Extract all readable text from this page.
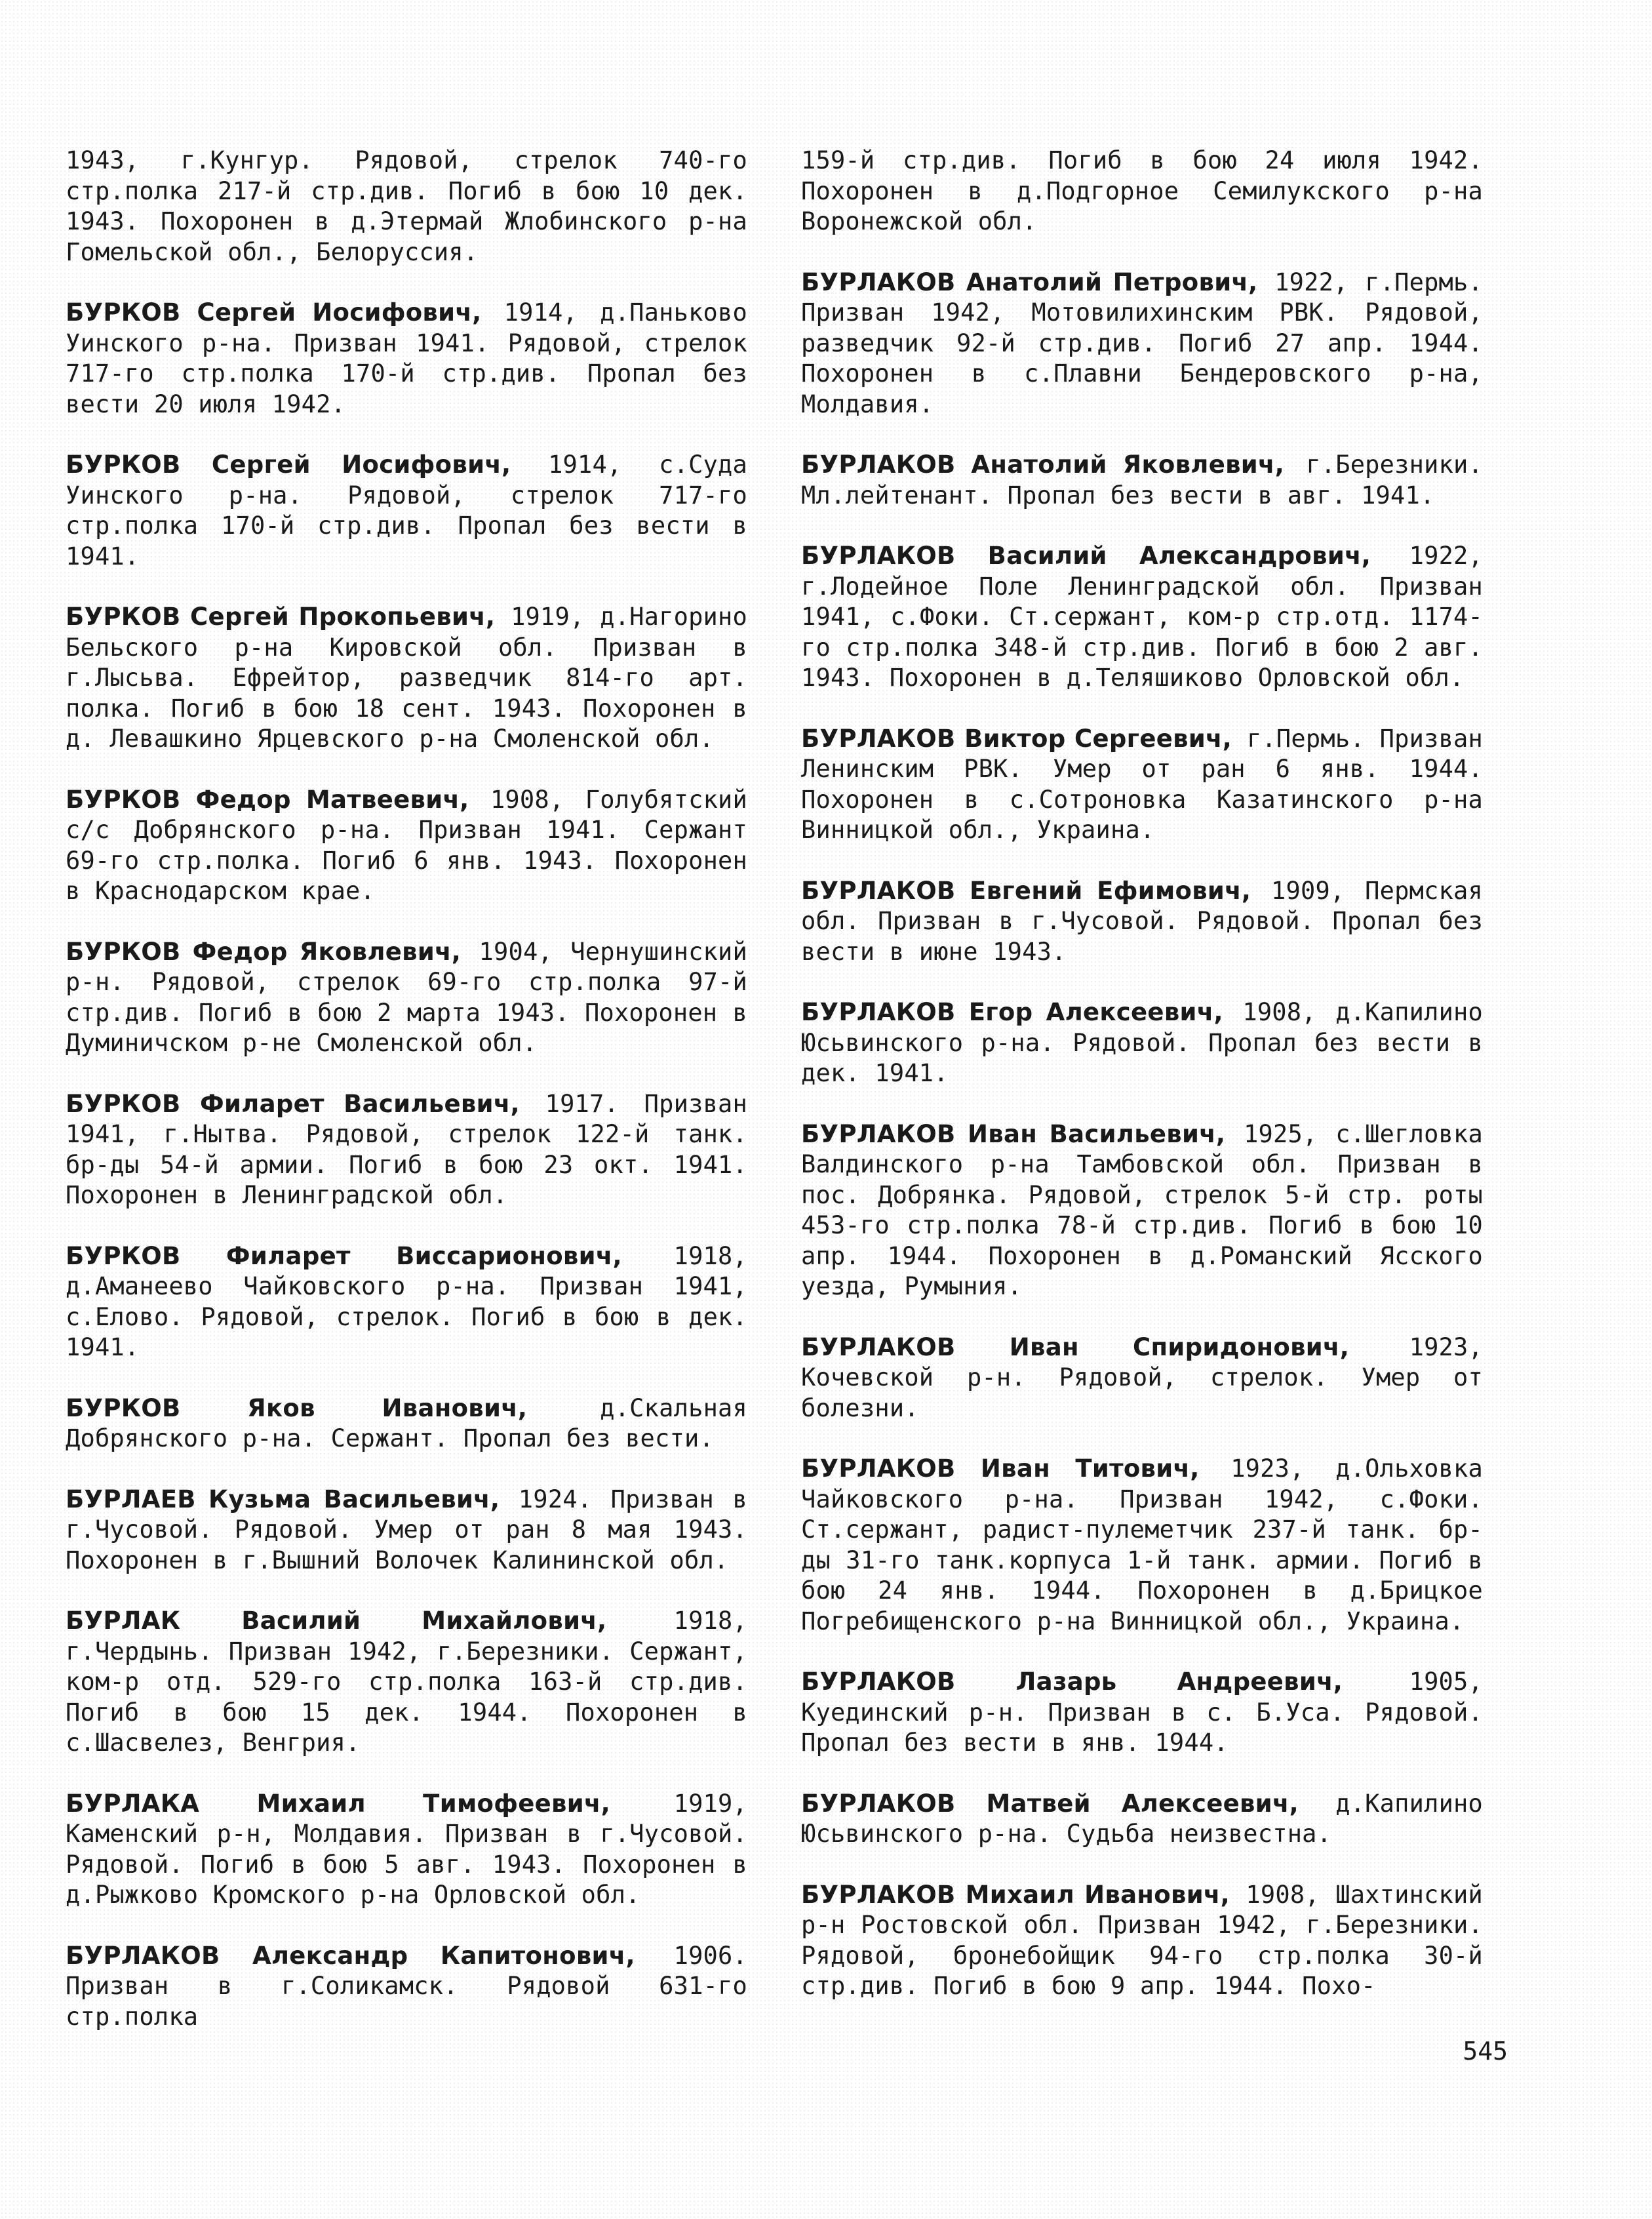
1943, г.Кунгур. Рядовой, стрелок 740-го стр.полка 217-й стр.див. Погиб в бою 10 дек. 1943. Похоронен в д.Этермай Жлобинского р-на Гомельской обл., Белоруссия.

БУРКОВ Сергей Иосифович, 1914, д.Паньково Уинского р-на. Призван 1941. Рядовой, стрелок 717-го стр.полка 170-й стр.див. Пропал без вести 20 июля 1942.

БУРКОВ Сергей Иосифович, 1914, с.Суда Уинского р-на. Рядовой, стрелок 717-го стр.полка 170-й стр.див. Пропал без вести в 1941.

БУРКОВ Сергей Прокопьевич, 1919, д.Нагорино Бельского р-на Кировской обл. Призван в г.Лысьва. Ефрейтор, разведчик 814-го арт. полка. Погиб в бою 18 сент. 1943. Похоронен в д. Левашкино Ярцевского р-на Смоленской обл.

БУРКОВ Федор Матвеевич, 1908, Голубятский с/с Добрянского р-на. Призван 1941. Сержант 69-го стр.полка. Погиб 6 янв. 1943. Похоронен в Краснодарском крае.

БУРКОВ Федор Яковлевич, 1904, Чернушинский р-н. Рядовой, стрелок 69-го стр.полка 97-й стр.див. Погиб в бою 2 марта 1943. Похоронен в Думиничском р-не Смоленской обл.

БУРКОВ Филарет Васильевич, 1917. Призван 1941, г.Нытва. Рядовой, стрелок 122-й танк. бр-ды 54-й армии. Погиб в бою 23 окт. 1941. Похоронен в Ленинградской обл.

БУРКОВ Филарет Виссарионович, 1918, д.Аманеево Чайковского р-на. Призван 1941, с.Елово. Рядовой, стрелок. Погиб в бою в дек. 1941.

БУРКОВ Яков Иванович,	д.Скальная Добрянского р-на. Сержант. Пропал без вести.

БУРЛАЕВ Кузьма Васильевич, 1924. Призван в г.Чусовой. Рядовой. Умер от ран 8 мая 1943. Похоронен в г.Вышний Волочек Калининской обл.

БУРЛАК Василий Михайлович,	1918, г.Чердынь. Призван 1942, г.Березники. Сержант, ком-р отд. 529-го стр.полка 163-й стр.див. Погиб в бою 15 дек. 1944. Похоронен в с.Шасвелез, Венгрия.

БУРЛАКА Михаил Тимофеевич,	1919, Каменский р-н, Молдавия. Призван в г.Чусовой. Рядовой. Погиб в бою 5 авг. 1943. Похоронен в д.Рыжково Кромского р-на Орловской обл.

БУРЛАКОВ Александр Капитонович, 1906. Призван в г.Соликамск. Рядовой 631-го стр.полка

159-й стр.див. Погиб в бою 24 июля 1942. Похоронен в д.Подгорное Семилукского р-на Воронежской обл.

БУРЛАКОВ Анатолий Петрович, 1922, г.Пермь. Призван 1942, Мотовилихинским РВК. Рядовой, разведчик 92-й стр.див. Погиб 27 апр. 1944. Похоронен в с.Плавни Бендеровского р-на, Молдавия.

БУРЛАКОВ Анатолий Яковлевич, г.Березники. Мл.лейтенант. Пропал без вести в авг. 1941.

БУРЛАКОВ Василий Александрович, 1922, г.Лодейное Поле Ленинградской обл. Призван 1941, с.Фоки. Ст.сержант, ком-р стр.отд. 1174-го стр.полка 348-й стр.див. Погиб в бою 2 авг. 1943. Похоронен в д.Теляшиково Орловской обл.

БУРЛАКОВ Виктор Сергеевич, г.Пермь. Призван Ленинским РВК. Умер от ран 6 янв. 1944. Похоронен в с.Сотроновка Казатинского р-на Винницкой обл., Украина.

БУРЛАКОВ Евгений Ефимович, 1909, Пермская обл. Призван в г.Чусовой. Рядовой. Пропал без вести в июне 1943.

БУРЛАКОВ Егор Алексеевич, 1908, д.Капилино Юсьвинского р-на. Рядовой. Пропал без вести в дек. 1941.

БУРЛАКОВ Иван Васильевич, 1925, с.Шегловка Валдинского р-на Тамбовской обл. Призван в пос. Добрянка. Рядовой, стрелок 5-й стр. роты 453-го стр.полка 78-й стр.див. Погиб в бою 10 апр. 1944. Похоронен в д.Романский Ясского уезда, Румыния.

БУРЛАКОВ Иван Спиридонович, 1923, Кочевской р-н. Рядовой, стрелок. Умер от болезни.

БУРЛАКОВ Иван Титович, 1923, д.Ольховка Чайковского р-на. Призван 1942, с.Фоки. Ст.сержант, радист-пулеметчик 237-й танк. бр-ды 31-го танк.корпуса 1-й танк. армии. Погиб в бою 24 янв. 1944. Похоронен в д.Брицкое Погребищенского р-на Винницкой обл., Украина.

БУРЛАКОВ Лазарь Андреевич,	1905, Куединский р-н. Призван в с. Б.Уса. Рядовой. Пропал без вести в янв. 1944.

БУРЛАКОВ Матвей Алексеевич, д.Капилино Юсьвинского р-на. Судьба неизвестна.

БУРЛАКОВ Михаил Иванович, 1908, Шахтинский р-н Ростовской обл. Призван 1942, г.Березники. Рядовой, бронебойщик 94-го стр.полка 30-й стр.див. Погиб в бою 9 апр. 1944. Похо-

545
